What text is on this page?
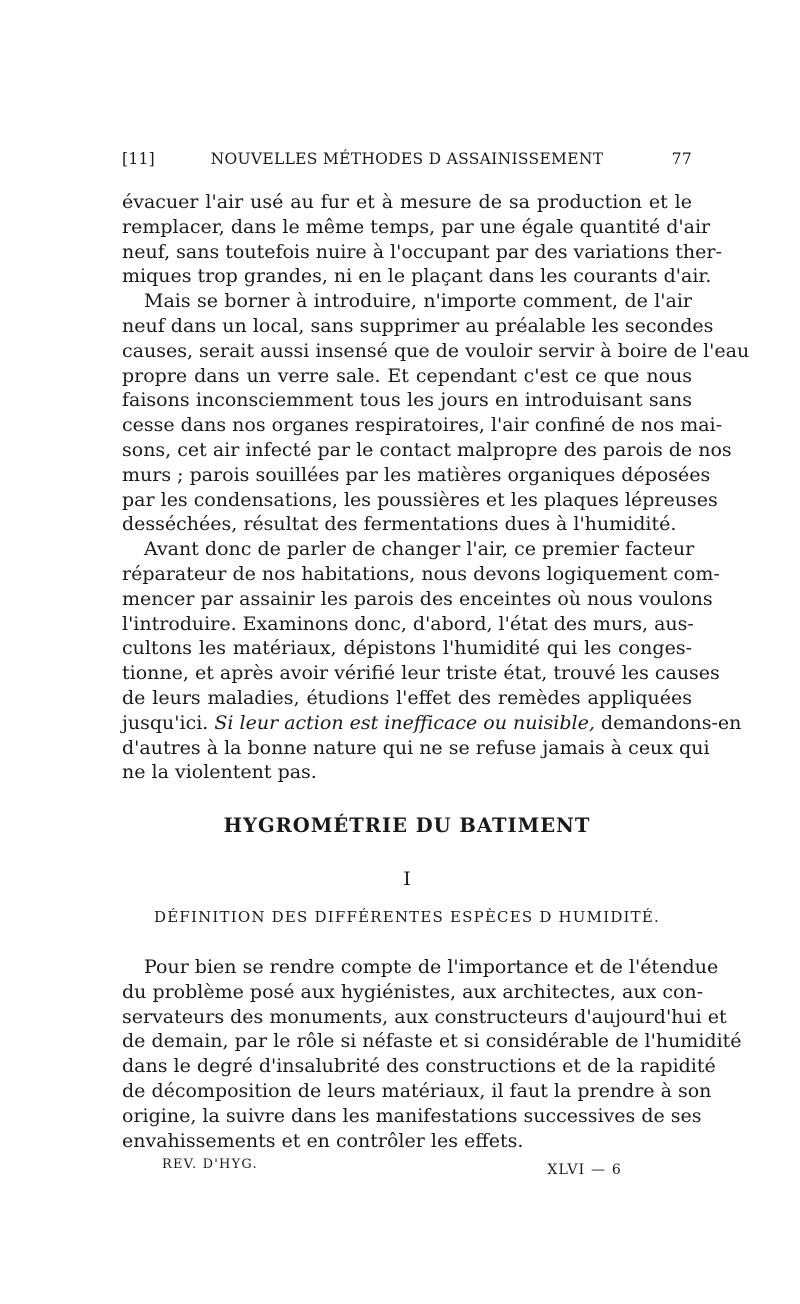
[11]	NOUVELLES MÉTHODES D ASSAINISSEMENT	77
évacuer l'air usé au fur et à mesure de sa production et le
remplacer, dans le même temps, par une égale quantité d'air
neuf, sans toutefois nuire à l'occupant par des variations ther-
miques trop grandes, ni en le plaçant dans les courants d'air.
Mais se borner à introduire, n'importe comment, de l'air
neuf dans un local, sans supprimer au préalable les secondes
causes, serait aussi insensé que de vouloir servir à boire de l'eau
propre dans un verre sale. Et cependant c'est ce que nous
faisons inconsciemment tous les jours en introduisant sans
cesse dans nos organes respiratoires, l'air confiné de nos mai-
sons, cet air infecté par le contact malpropre des parois de nos
murs ; parois souillées par les matières organiques déposées
par les condensations, les poussières et les plaques lépreuses
desséchées, résultat des fermentations dues à l'humidité.
Avant donc de parler de changer l'air, ce premier facteur
réparateur de nos habitations, nous devons logiquement com-
mencer par assainir les parois des enceintes où nous voulons
l'introduire. Examinons donc, d'abord, l'état des murs, aus-
cultons les matériaux, dépistons l'humidité qui les conges-
tionne, et après avoir vérifié leur triste état, trouvé les causes
de leurs maladies, étudions l'effet des remèdes appliquées
jusqu'ici. Si leur action est inefficace ou nuisible, demandons-en
d'autres à la bonne nature qui ne se refuse jamais à ceux qui
ne la violentent pas.
HYGROMÉTRIE DU BATIMENT
I
DÉFINITION DES DIFFÉRENTES ESPÈCES D HUMIDITÉ.
Pour bien se rendre compte de l'importance et de l'étendue
du problème posé aux hygiénistes, aux architectes, aux con-
servateurs des monuments, aux constructeurs d'aujourd'hui et
de demain, par le rôle si néfaste et si considérable de l'humidité
dans le degré d'insalubrité des constructions et de la rapidité
de décomposition de leurs matériaux, il faut la prendre à son
origine, la suivre dans les manifestations successives de ses
envahissements et en contrôler les effets.
REV. D'HYG.	XLVI — 6
